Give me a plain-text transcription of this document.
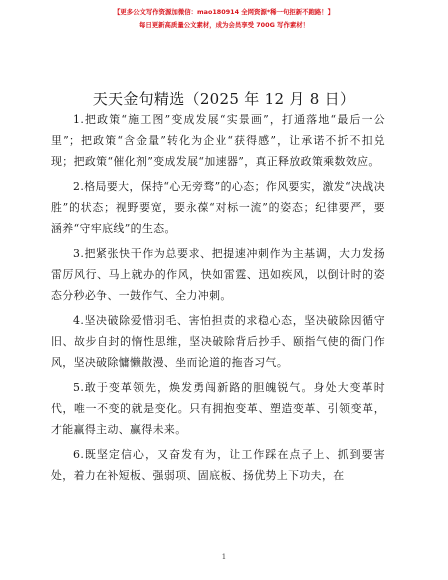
【更多公文写作资源加微信：mao180914 全网资源*稀一句拒新不跑路！】
每日更新高质量公文素材，成为会员享受 700G 写作素材！
天天金句精选（2025 年 12 月 8 日）

1.把政策“施工图”变成发展“实景画”，打通落地“最后一公里”；把政策“含金量”转化为企业“获得感”，让承诺不折不扣兑现；把政策“催化剂”变成发展“加速器”，真正释放政策乘数效应。

2.格局要大，保持“心无旁骛”的心态；作风要实，激发“决战决胜”的状态；视野要宽，要永葆“对标一流”的姿态；纪律要严，要涵养“守牢底线”的生态。

3.把紧张快干作为总要求、把提速冲刺作为主基调，大力发扬雷厉风行、马上就办的作风，快如雷霆、迅如疾风，以倒计时的姿态分秒必争、一鼓作气、全力冲刺。

4.坚决破除爱惜羽毛、害怕担责的求稳心态，坚决破除因循守旧、故步自封的惰性思维，坚决破除背后抄手、颐指气使的衙门作风，坚决破除慵懒散漫、坐而论道的拖沓习气。

5.敢于变革领先，焕发勇闯新路的胆魄锐气。身处大变革时代，唯一不变的就是变化。只有拥抱变革、塑造变革、引领变革，才能赢得主动、赢得未来。

6.既坚定信心，又奋发有为，让工作踩在点子上、抓到要害处，着力在补短板、强弱项、固底板、扬优势上下功夫，在

1
